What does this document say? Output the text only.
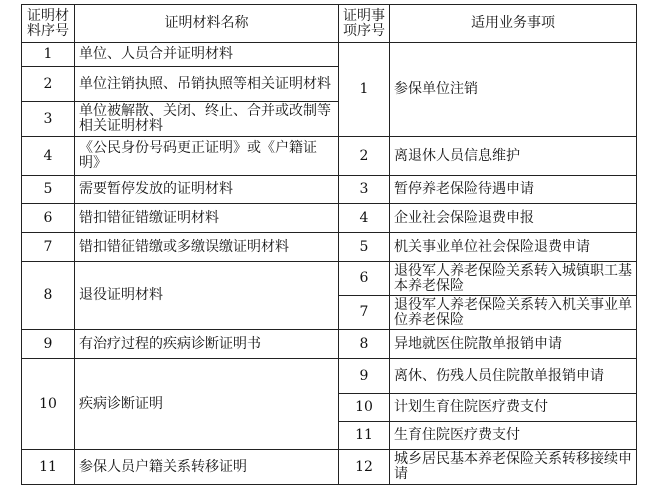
证明材料序号	证明材料名称	证明事项序号	适用业务事项
1	单位、人员合并证明材料	1	参保单位注销
2	单位注销执照、吊销执照等相关证明材料		
3	单位被解散、关闭、终止、合并或改制等相关证明材料		
4	《公民身份号码更正证明》或《户籍证明》	2	离退休人员信息维护
5	需要暂停发放的证明材料	3	暂停养老保险待遇申请
6	错扣错征错缴证明材料	4	企业社会保险退费申报
7	错扣错征错缴或多缴误缴证明材料	5	机关事业单位社会保险退费申请
8	退役证明材料	6	退役军人养老保险关系转入城镇职工基本养老保险
		7	退役军人养老保险关系转入机关事业单位养老保险
9	有治疗过程的疾病诊断证明书	8	异地就医住院散单报销申请
10	疾病诊断证明	9	离休、伤残人员住院散单报销申请
		10	计划生育住院医疗费支付
		11	生育住院医疗费支付
11	参保人员户籍关系转移证明	12	城乡居民基本养老保险关系转移接续申请
